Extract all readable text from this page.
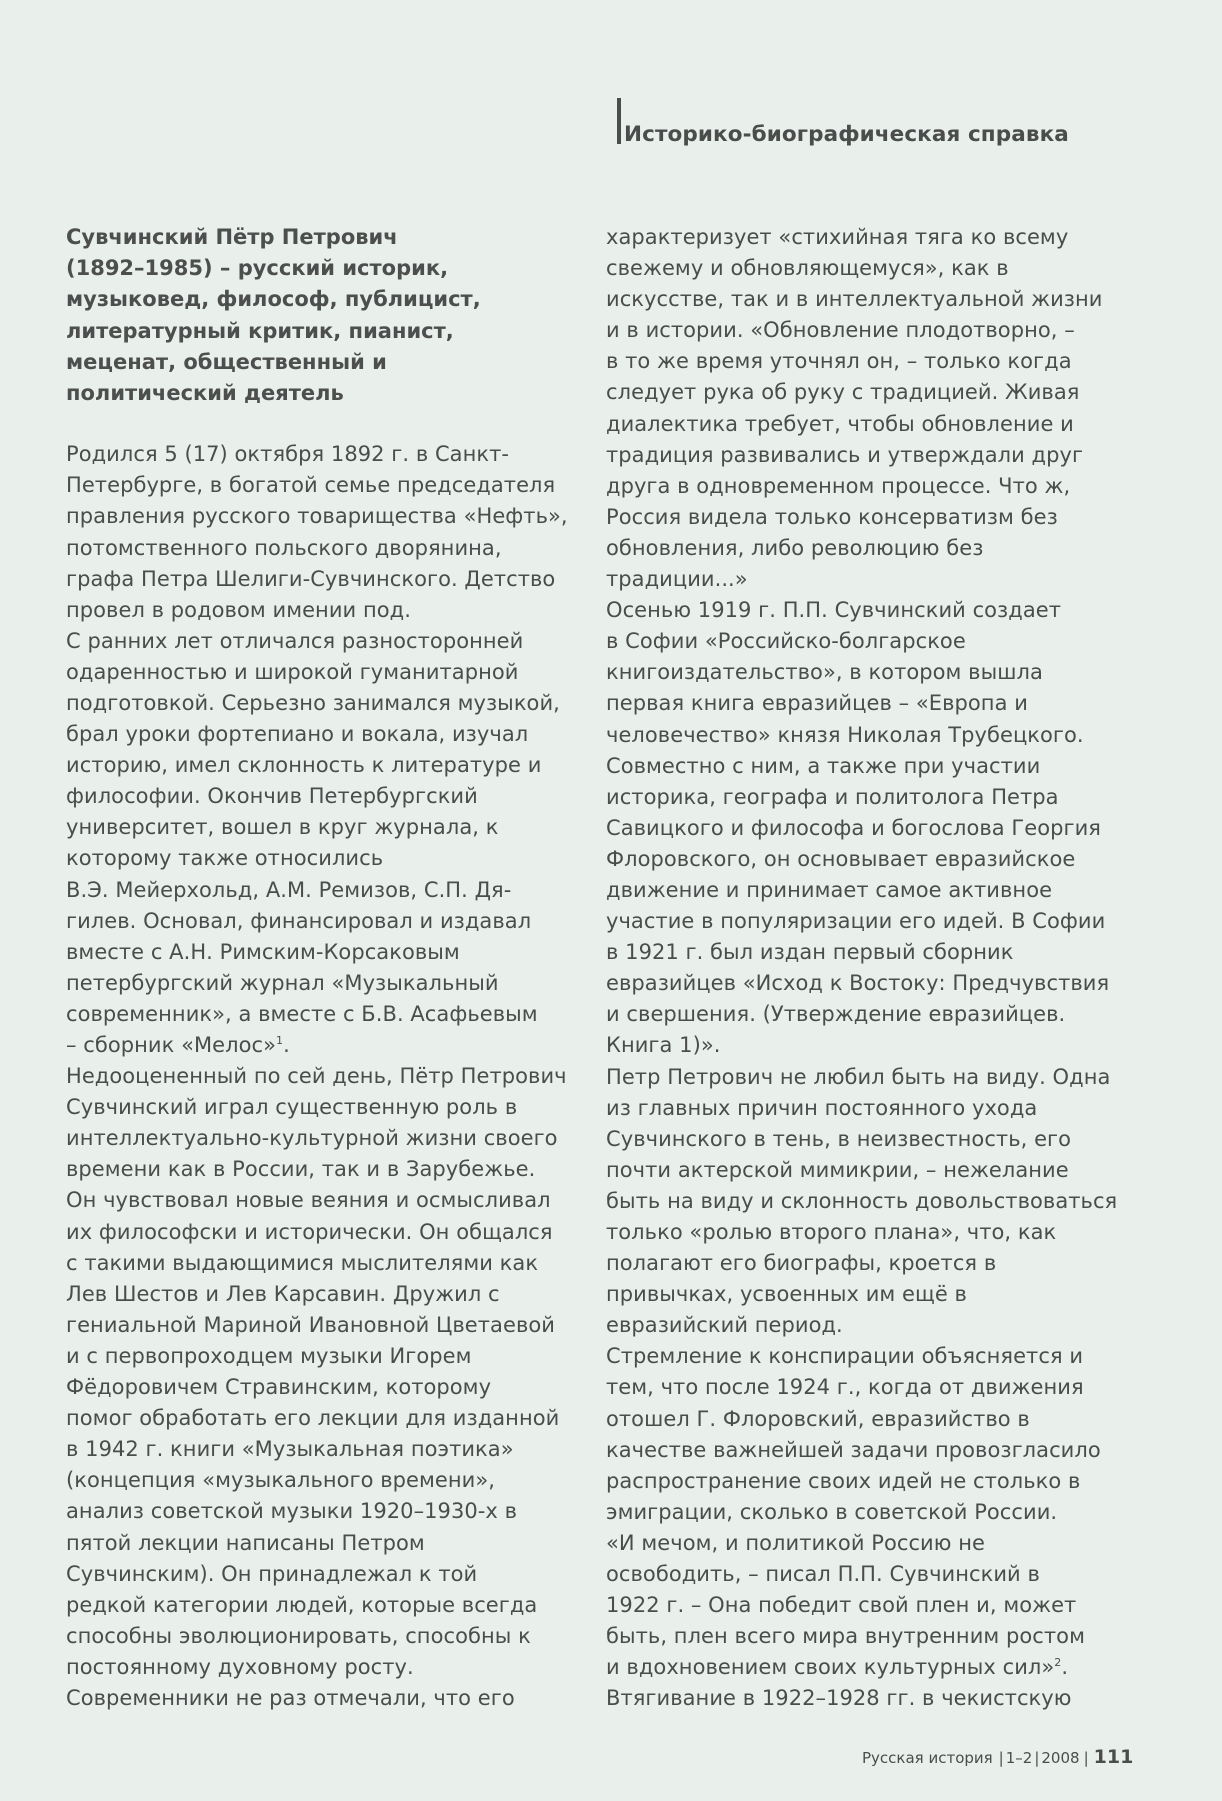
Историко-биографическая справка
Сувчинский Пётр Петрович
(1892–1985) – русский историк,
музыковед, философ, публицист,
литературный критик, пианист,
меценат, общественный и
политический деятель
Родился 5 (17) октября 1892 г. в Санкт-
Петербурге, в богатой семье председателя
правления русского товарищества «Нефть»,
потомственного польского дворянина,
графа Петра Шелиги-Сувчинского. Детство
провел в родовом имении под.
С ранних лет отличался разносторонней
одаренностью и широкой гуманитарной
подготовкой. Серьезно занимался музыкой,
брал уроки фортепиано и вокала, изучал
историю, имел склонность к литературе и
философии. Окончив Петербургский
университет, вошел в круг журнала, к
которому также относились
В.Э. Мейерхольд, А.М. Ремизов, С.П. Дя-
гилев. Основал, финансировал и издавал
вместе с А.Н. Римским-Корсаковым
петербургский журнал «Музыкальный
современник», а вместе с Б.В. Асафьевым
– сборник «Мелос»$^1$.
Недооцененный по сей день, Пётр Петрович
Сувчинский играл существенную роль в
интеллектуально-культурной жизни своего
времени как в России, так и в Зарубежье.
Он чувствовал новые веяния и осмысливал
их философски и исторически. Он общался
с такими выдающимися мыслителями как
Лев Шестов и Лев Карсавин. Дружил с
гениальной Мариной Ивановной Цветаевой
и с первопроходцем музыки Игорем
Фёдоровичем Стравинским, которому
помог обработать его лекции для изданной
в 1942 г. книги «Музыкальная поэтика»
(концепция «музыкального времени»,
анализ советской музыки 1920–1930-х в
пятой лекции написаны Петром
Сувчинским). Он принадлежал к той
редкой категории людей, которые всегда
способны эволюционировать, способны к
постоянному духовному росту.
Современники не раз отмечали, что его
характеризует «стихийная тяга ко всему
свежему и обновляющемуся», как в
искусстве, так и в интеллектуальной жизни
и в истории. «Обновление плодотворно, –
в то же время уточнял он, – только когда
следует рука об руку с традицией. Живая
диалектика требует, чтобы обновление и
традиция развивались и утверждали друг
друга в одновременном процессе. Что ж,
Россия видела только консерватизм без
обновления, либо революцию без
традиции...»
Осенью 1919 г. П.П. Сувчинский создает
в Софии «Российско-болгарское
книгоиздательство», в котором вышла
первая книга евразийцев – «Европа и
человечество» князя Николая Трубецкого.
Совместно с ним, а также при участии
историка, географа и политолога Петра
Савицкого и философа и богослова Георгия
Флоровского, он основывает евразийское
движение и принимает самое активное
участие в популяризации его идей. В Софии
в 1921 г. был издан первый сборник
евразийцев «Исход к Востоку: Предчувствия
и свершения. (Утверждение евразийцев.
Книга 1)».
Петр Петрович не любил быть на виду. Одна
из главных причин постоянного ухода
Сувчинского в тень, в неизвестность, его
почти актерской мимикрии, – нежелание
быть на виду и склонность довольствоваться
только «ролью второго плана», что, как
полагают его биографы, кроется в
привычках, усвоенных им ещё в
евразийский период.
Стремление к конспирации объясняется и
тем, что после 1924 г., когда от движения
отошел Г. Флоровский, евразийство в
качестве важнейшей задачи провозгласило
распространение своих идей не столько в
эмиграции, сколько в советской России.
«И мечом, и политикой Россию не
освободить, – писал П.П. Сувчинский в
1922 г. – Она победит свой плен и, может
быть, плен всего мира внутренним ростом
и вдохновением своих культурных сил»$^2$.
Втягивание в 1922–1928 гг. в чекистскую
Русская история | 1–2 | 2008 | 111
